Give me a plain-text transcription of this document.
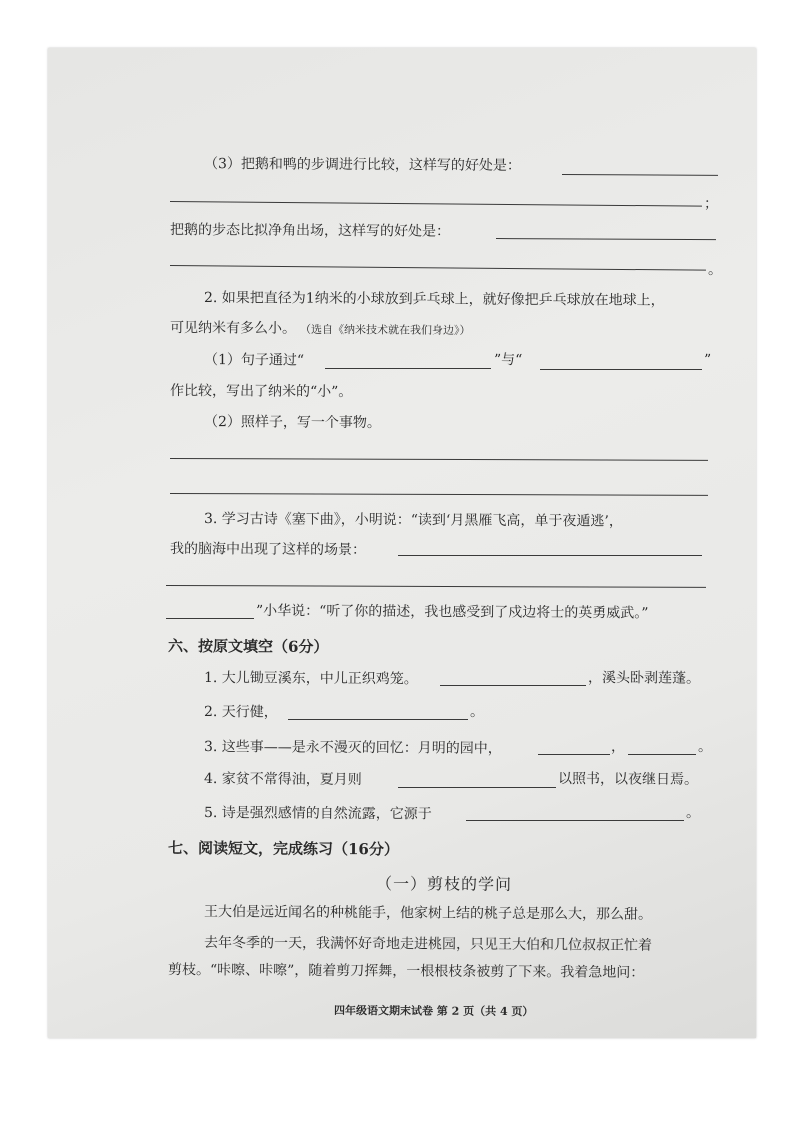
（3）把鹅和鸭的步调进行比较，这样写的好处是：
；
把鹅的步态比拟净角出场，这样写的好处是：
。
2. 如果把直径为1纳米的小球放到乒乓球上，就好像把乒乓球放在地球上，
可见纳米有多么小。 （选自《纳米技术就在我们身边》）
（1）句子通过“	”与“	”
作比较，写出了纳米的“小”。
（2）照样子，写一个事物。
3. 学习古诗《塞下曲》，小明说：“读到‘月黑雁飞高，单于夜遁逃’，
我的脑海中出现了这样的场景：
”小华说：“听了你的描述，我也感受到了戍边将士的英勇威武。”
六、按原文填空（6分）
1. 大儿锄豆溪东，中儿正织鸡笼。	，溪头卧剥莲蓬。
2. 天行健，	。
3. 这些事——是永不漫灭的回忆：月明的园中，	，	。
4. 家贫不常得油，夏月则	以照书，以夜继日焉。
5. 诗是强烈感情的自然流露，它源于	。
七、阅读短文，完成练习（16分）
（一）剪枝的学问
王大伯是远近闻名的种桃能手，他家树上结的桃子总是那么大，那么甜。
去年冬季的一天，我满怀好奇地走进桃园，只见王大伯和几位叔叔正忙着
剪枝。“咔嚓、咔嚓”，随着剪刀挥舞，一根根枝条被剪了下来。我着急地问：
四年级语文期末试卷 第 2 页（共 4 页）
